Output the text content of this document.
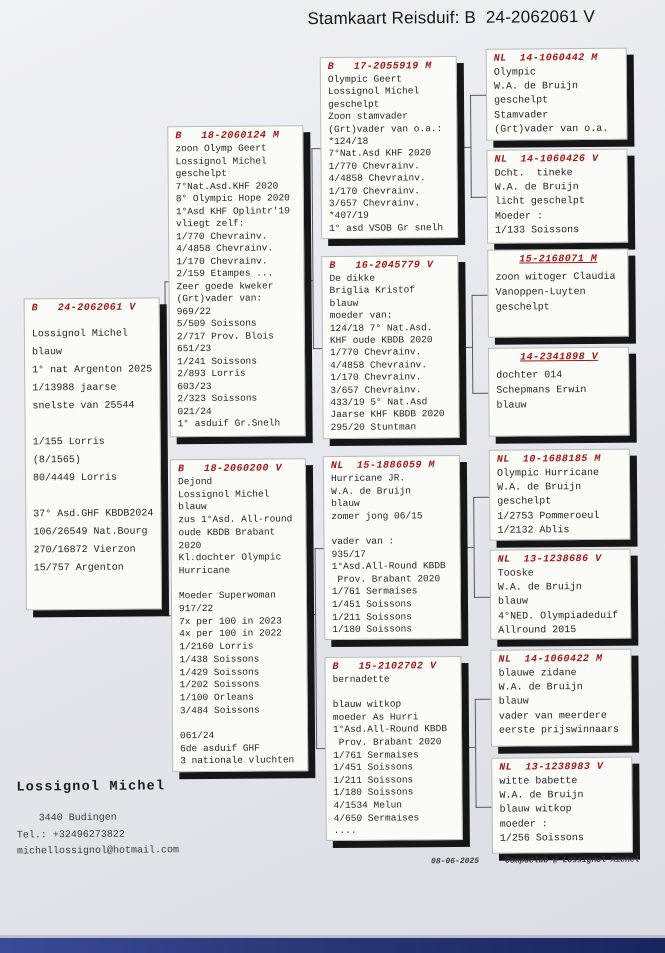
Stamkaart Reisduif: B  24-2062061 V
B   24-2062061 V
Lossignol Michel
blauw
1° nat Argenton 2025
1/13988 jaarse
snelste van 25544

1/155 Lorris
(8/1565)
80/4449 Lorris

37° Asd.GHF KBDB2024
106/26549 Nat.Bourg
270/16872 Vierzon
15/757 Argenton
B   18-2060124 M
zoon Olymp Geert
Lossignol Michel
geschelpt
7°Nat.Asd.KHF 2020
8° Olympic Hope 2020
1°Asd KHF Oplintr'19
vliegt zelf:
1/770 Chevrainv.
4/4858 Chevrainv.
1/170 Chevrainv.
2/159 Etampes ...
Zeer goede kweker
(Grt)vader van:
969/22
5/509 Soissons
2/717 Prov. Blois
651/23
1/241 Soissons
2/893 Lorris
603/23
2/323 Soissons
021/24
1° asduif Gr.Snelh
B   18-2060200 V
Dejond
Lossignol Michel
blauw
zus 1°Asd. All-round
oude KBDB Brabant
2020
Kl.dochter Olympic
Hurricane

Moeder Superwoman
917/22
7x per 100 in 2023
4x per 100 in 2022
1/2160 Lorris
1/438 Soissons
1/429 Soissons
1/202 Soissons
1/100 Orleans
3/484 Soissons

061/24
6de asduif GHF
3 nationale vluchten
B   17-2055919 M
Olympic Geert
Lossignol Michel
geschelpt
Zoon stamvader
(Grt)vader van o.a.:
*124/18
7°Nat.Asd KHF 2020
1/770 Chevrainv.
4/4858 Chevrainv.
1/170 Chevrainv.
3/657 Chevrainv.
*407/19
1° asd VSOB Gr snelh
B   16-2045779 V
De dikke
Briglia Kristof
blauw
moeder van:
124/18 7° Nat.Asd.
KHF oude KBDB 2020
1/770 Chevrainv.
4/4858 Chevrainv.
1/170 Chevrainv.
3/657 Chevrainv.
433/19 5° Nat.Asd
Jaarse KHF KBDB 2020
295/20 Stuntman
NL  15-1886059 M
Hurricane JR.
W.A. de Bruijn
blauw
zomer jong 06/15

vader van :
935/17
1°Asd.All-Round KBDB
Prov. Brabant 2020
1/761 Sermaises
1/451 Soissons
1/211 Soissons
1/180 Soissons
B   15-2102702 V
bernadette

blauw witkop
moeder As Hurri
1°Asd.All-Round KBDB
Prov. Brabant 2020
1/761 Sermaises
1/451 Soissons
1/211 Soissons
1/180 Soissons
4/1534 Melun
4/650 Sermaises
....
NL  14-1060442 M
Olympic
W.A. de Bruijn
geschelpt
Stamvader
(Grt)vader van o.a.
NL  14-1060426 V
Dcht.  tineke
W.A. de Bruijn
licht geschelpt
Moeder :
1/133 Soissons
15-2168071 M
zoon witoger Claudia
Vanoppen-Luyten
geschelpt
14-2341898 V
dochter 014
Schepmans Erwin
blauw
NL  10-1688185 M
Olympic Hurricane
W.A. de Bruijn
geschelpt
1/2753 Pommeroeul
1/2132 Ablis
NL  13-1238686 V
Tooske
W.A. de Bruijn
blauw
4°NED. Olympiadeduif
Allround 2015
NL  14-1060422 M
blauwe zidane
W.A. de Bruijn
blauw
vader van meerdere
eerste prijswinnaars
NL  13-1238983 V
witte babette
W.A. de Bruijn
blauw witkop
moeder :
1/256 Soissons
Lossignol Michel
3440 Budingen
Tel.: +32496273822
michellossignol@hotmail.com
08-06-2025	Compuclub @ Lossignol Michel
